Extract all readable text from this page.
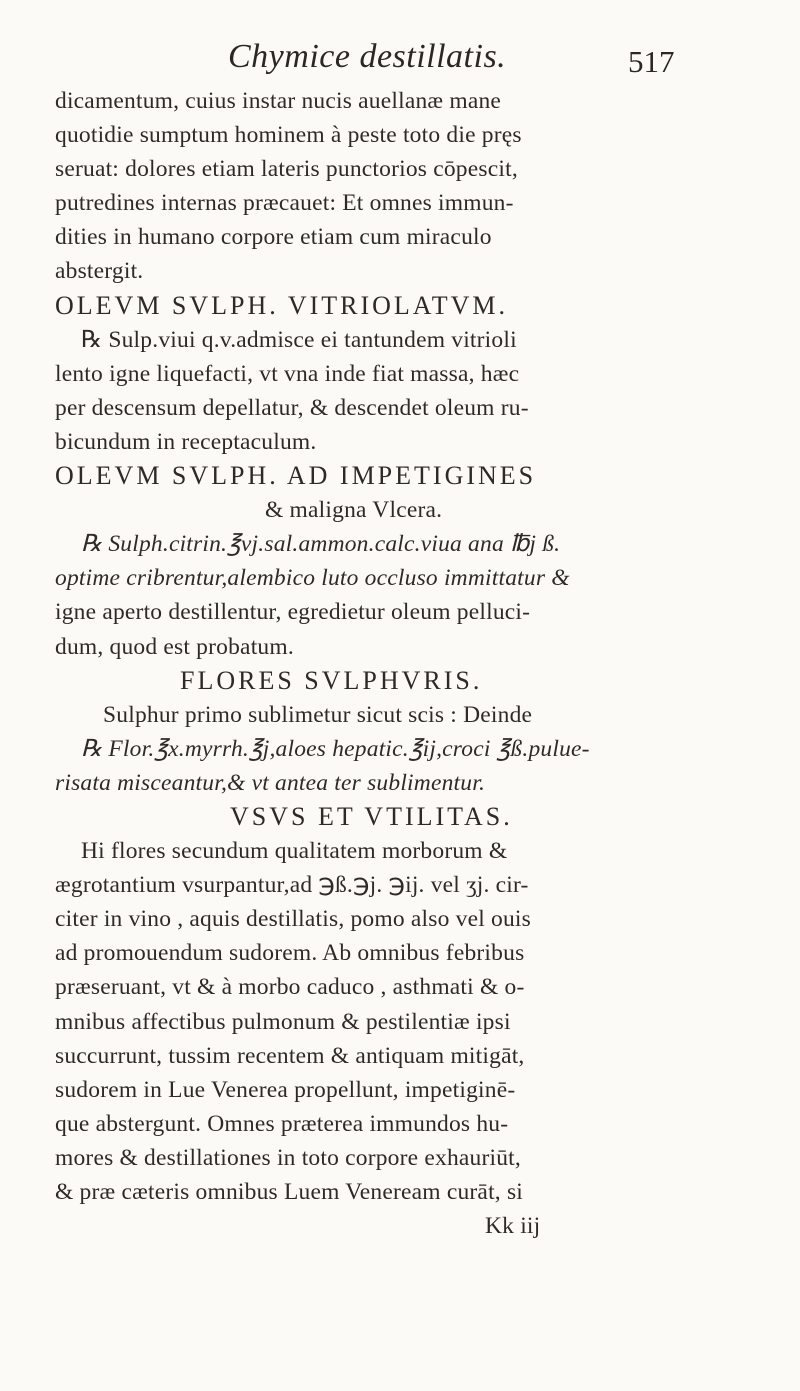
Chymice destillatis.	517
dicamentum, cuius instar nucis auellanæ mane
quotidie sumptum hominem à peste toto die pręs
seruat: dolores etiam lateris punctorios cōpescit,
putredines internas præcauet: Et omnes immun-
dities in humano corpore etiam cum miraculo
abstergit.
OLEVM SVLPH. VITRIOLATVM.
℞ Sulp.viui q.v.admisce ei tantundem vitrioli
lento igne liquefacti, vt vna inde fiat massa, hæc
per descensum depellatur, & descendet oleum ru-
bicundum in receptaculum.
OLEVM SVLPH. AD IMPETIGINES
& maligna Vlcera.
℞ Sulph.citrin.℥vj.sal.ammon.calc.viua ana ℔j ß.
optime cribrentur,alembico luto occluso immittatur &
igne aperto destillentur, egredietur oleum pelluci-
dum, quod est probatum.
FLORES SVLPHVRIS.
Sulphur primo sublimetur sicut scis : Deinde
℞ Flor.℥x.myrrh.℥j,aloes hepatic.℥ij,croci ℥ß.pulue-
risata misceantur,& vt antea ter sublimentur.
VSVS ET VTILITAS.
Hi flores secundum qualitatem morborum &
ægrotantium vsurpantur,ad ℈ß.℈j. ℈ij. vel ʒj. cir-
citer in vino , aquis destillatis, pomo also vel ouis
ad promouendum sudorem. Ab omnibus febribus
præseruant, vt & à morbo caduco , asthmati & o-
mnibus affectibus pulmonum & pestilentiæ ipsi
succurrunt, tussim recentem & antiquam mitigāt,
sudorem in Lue Venerea propellunt, impetiginē-
que abstergunt. Omnes præterea immundos hu-
mores & destillationes in toto corpore exhauriūt,
& præ cæteris omnibus Luem Veneream curāt, si
Kk iij
